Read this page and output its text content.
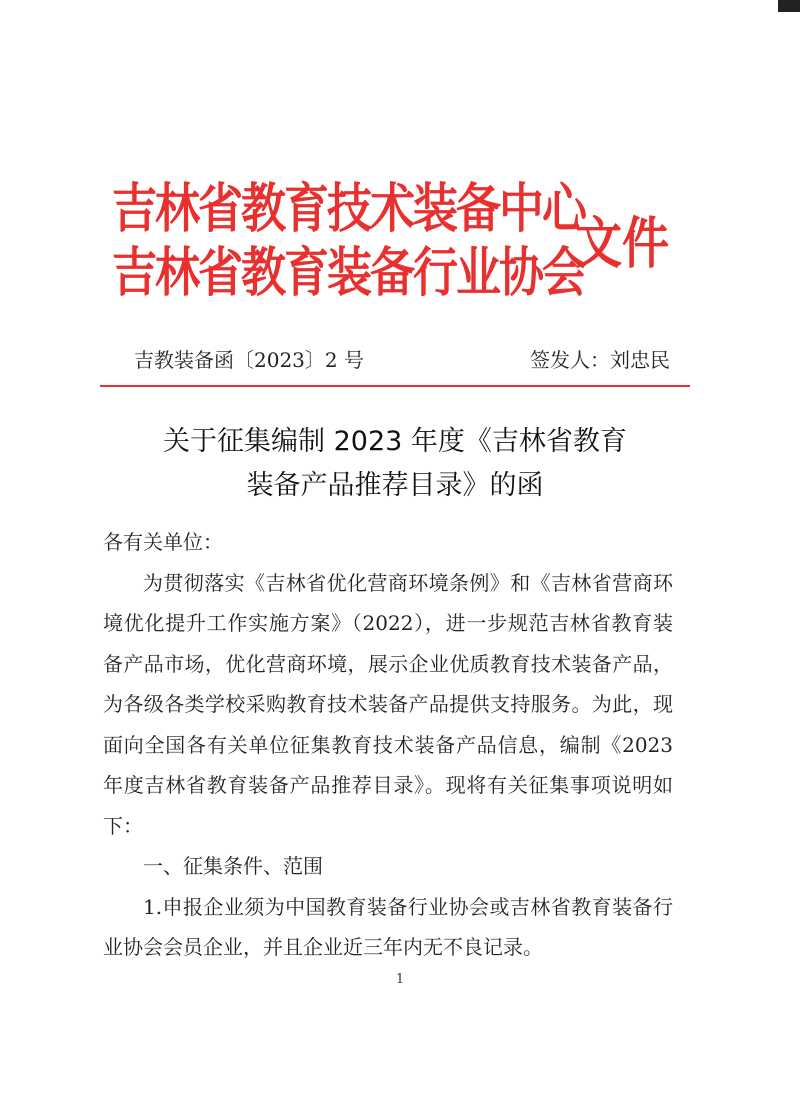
吉林省教育技术装备中心
吉林省教育装备行业协会
文件
吉教装备函〔2023〕2 号	签发人：刘忠民
关于征集编制 2023 年度《吉林省教育
装备产品推荐目录》的函

各有关单位：

为贯彻落实《吉林省优化营商环境条例》和《吉林省营商环境优化提升工作实施方案》（2022），进一步规范吉林省教育装备产品市场，优化营商环境，展示企业优质教育技术装备产品，为各级各类学校采购教育技术装备产品提供支持服务。为此，现面向全国各有关单位征集教育技术装备产品信息，编制《2023 年度吉林省教育装备产品推荐目录》。现将有关征集事项说明如下：

一、征集条件、范围

1.申报企业须为中国教育装备行业协会或吉林省教育装备行业协会会员企业，并且企业近三年内无不良记录。

1
